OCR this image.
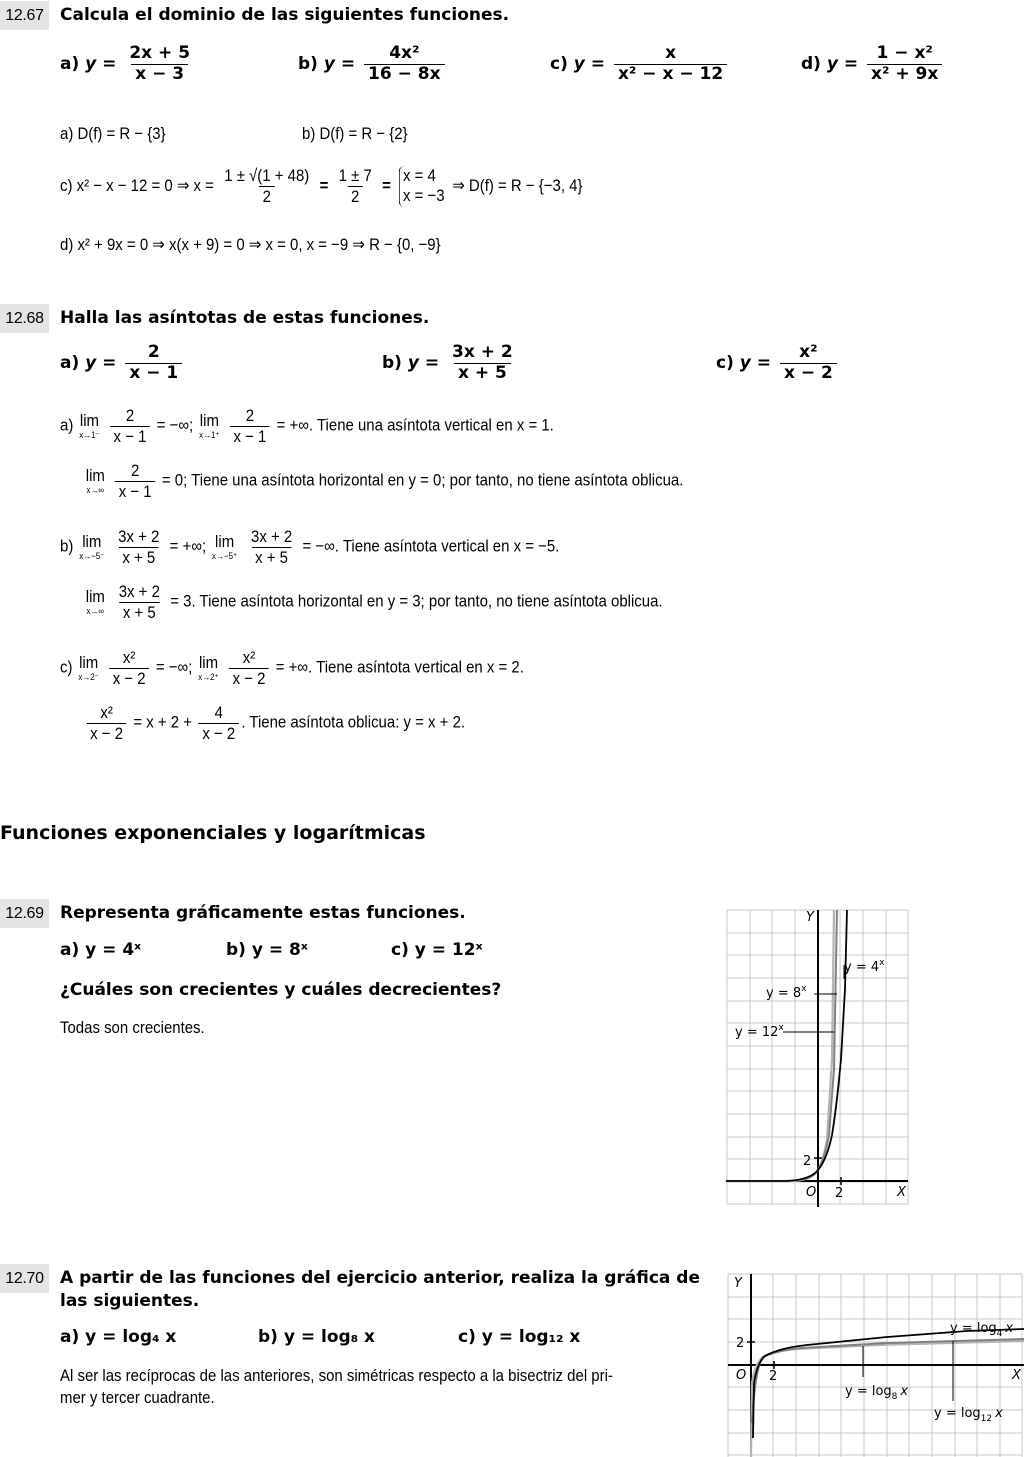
12.67 Calcula el dominio de las siguientes funciones.
a) $y = \frac{2x + 5}{x - 3}$	b) $y = \frac{\text{4x²}}{16 - 8x}$	c) $y = \frac{x}{\text{x² − x − 12}}$	d) $y = \frac{\text{1 − x²}}{\text{x² + 9x}}$
a) D(f) = R − {3}	b) D(f) = R − {2}
c) x² − x − 12 = 0 ⇒ $x = \frac{1 \pm √(1 + 48)}{2} = \frac{1 \pm 7}{2}$ =
x = 4
x = −3
⇒ D(f) = R − {−3, 4}
d) x² + 9x = 0 ⇒ x(x + 9) = 0 ⇒ x = 0, x = −9 ⇒ R − {0, −9}
12.68 Halla las asíntotas de estas funciones.
a) $y = \frac{2}{x - 1}$	b) $y = \frac{3x + 2}{x + 5}$	c) $y = \frac{\text{x²}}{x - 2}$
a) lim
x→1⁻
$\frac{2}{x - 1}$ = −∞; lim
x→1⁺
$\frac{2}{x - 1}$ = +∞. Tiene una asíntota vertical en x = 1.
lim
x→∞
$\frac{2}{x - 1} = 0$; Tiene una asíntota horizontal en y = 0; por tanto, no tiene asíntota oblicua.
b) lim
x→−5⁻
$\frac{3x + 2}{x + 5}$ = +∞; lim
x→−5⁺
$\frac{3x + 2}{x + 5}$ = −∞. Tiene asíntota vertical en x = −5.
lim
x→∞
$\frac{3x + 2}{x + 5} = 3$. Tiene asíntota horizontal en y = 3; por tanto, no tiene asíntota oblicua.
c) lim
x→2⁻
$\frac{\text{x²}}{x - 2}$ = −∞; lim
x→2⁺
$\frac{\text{x²}}{x - 2}$ = +∞. Tiene asíntota vertical en x = 2.
$\frac{\text{x²}}{x - 2} = x + 2 + \frac{4}{x - 2}$ . Tiene asíntota oblicua: y = x + 2.
Funciones exponenciales y logarítmicas
12.69 Representa gráficamente estas funciones.
a) y = 4ˣ	b) y = 8ˣ	c) y = 12ˣ
¿Cuáles son crecientes y cuáles decrecientes?
Todas son crecientes.
Y
X
O 2
2
$y = 4^x$
$y = 8^x$
$y = 12^x$
12.70 A partir de las funciones del ejercicio anterior, realiza la gráfica de
las siguientes.
a) y = log₄ x	b) y = log₈ x	c) y = log₁₂ x
Al ser las recíprocas de las anteriores, son simétricas respecto a la bisectriz del pri-
mer y tercer cuadrante.
Y
X
O 2
2
$y = \log_4 x$
$y = \log_8 x$
$y = \log_{12} x$
